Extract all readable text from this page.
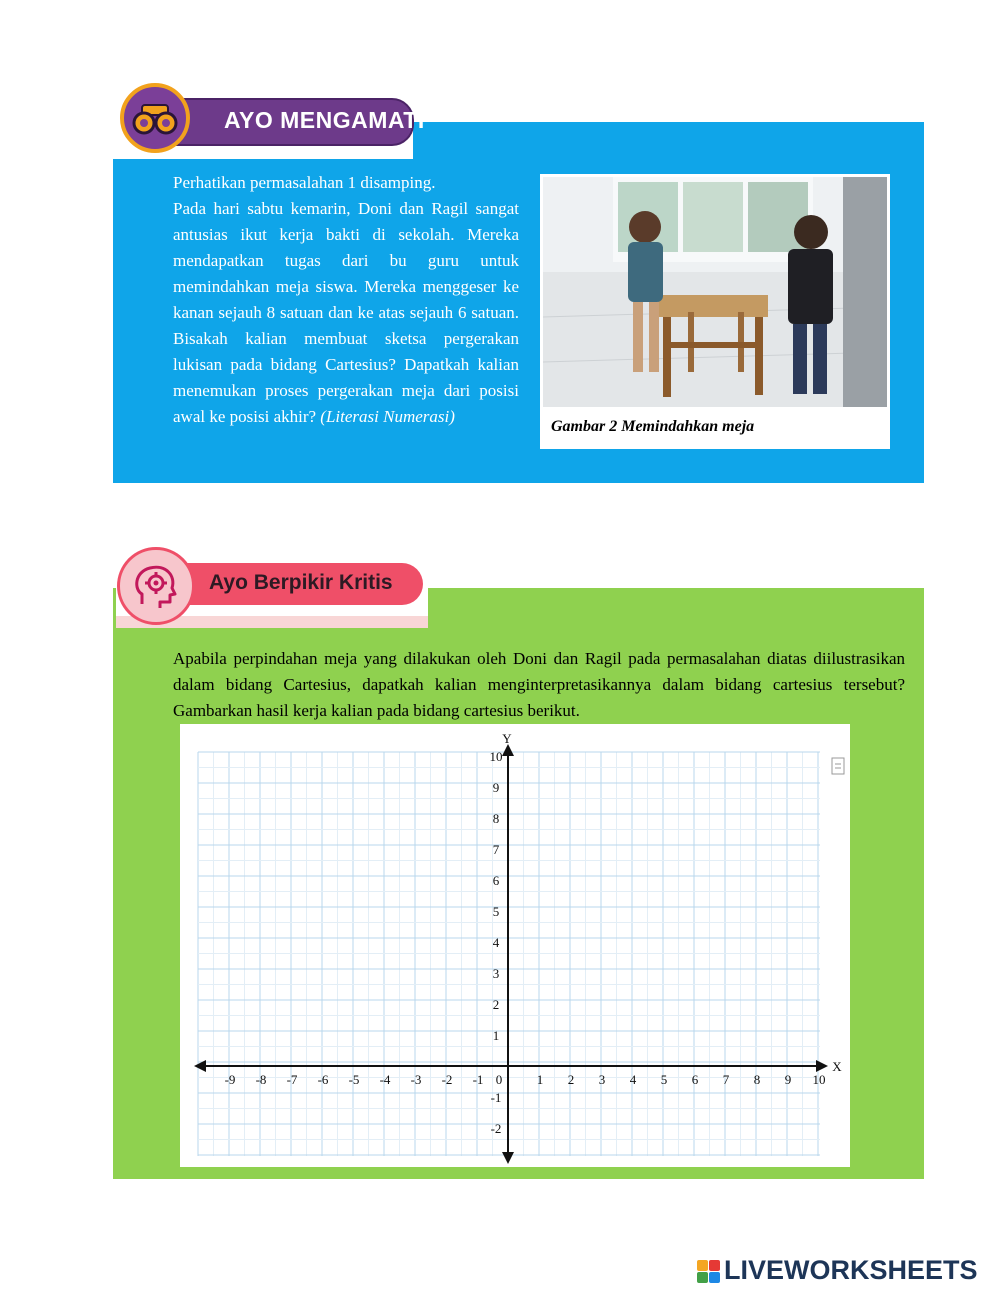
Perhatikan permasalahan 1 disamping.

Pada hari sabtu kemarin, Doni dan Ragil sangat antusias ikut kerja bakti di sekolah. Mereka mendapatkan tugas dari bu guru untuk memindahkan meja siswa. Mereka menggeser ke kanan sejauh 8 satuan dan ke atas sejauh 6 satuan. Bisakah kalian membuat sketsa pergerakan lukisan pada bidang Cartesius? Dapatkah kalian menemukan proses pergerakan meja dari posisi awal ke posisi akhir? (Literasi Numerasi)

Gambar 2 Memindahkan meja
AYO MENGAMATI
Apabila perpindahan meja yang dilakukan oleh Doni dan Ragil pada permasalahan diatas diilustrasikan dalam bidang Cartesius, dapatkah kalian menginterpretasikannya dalam bidang cartesius tersebut? Gambarkan hasil kerja kalian pada bidang cartesius berikut.
Ayo Berpikir Kritis
X
Y
-9 -8 -7 -6 -5 -4 -3 -2 -1 0	1 2 3 4 5 6 7 8 9 10
10
9
8
7
6
5
4
3
2
1
-1
-2
LIVEWORKSHEETS
